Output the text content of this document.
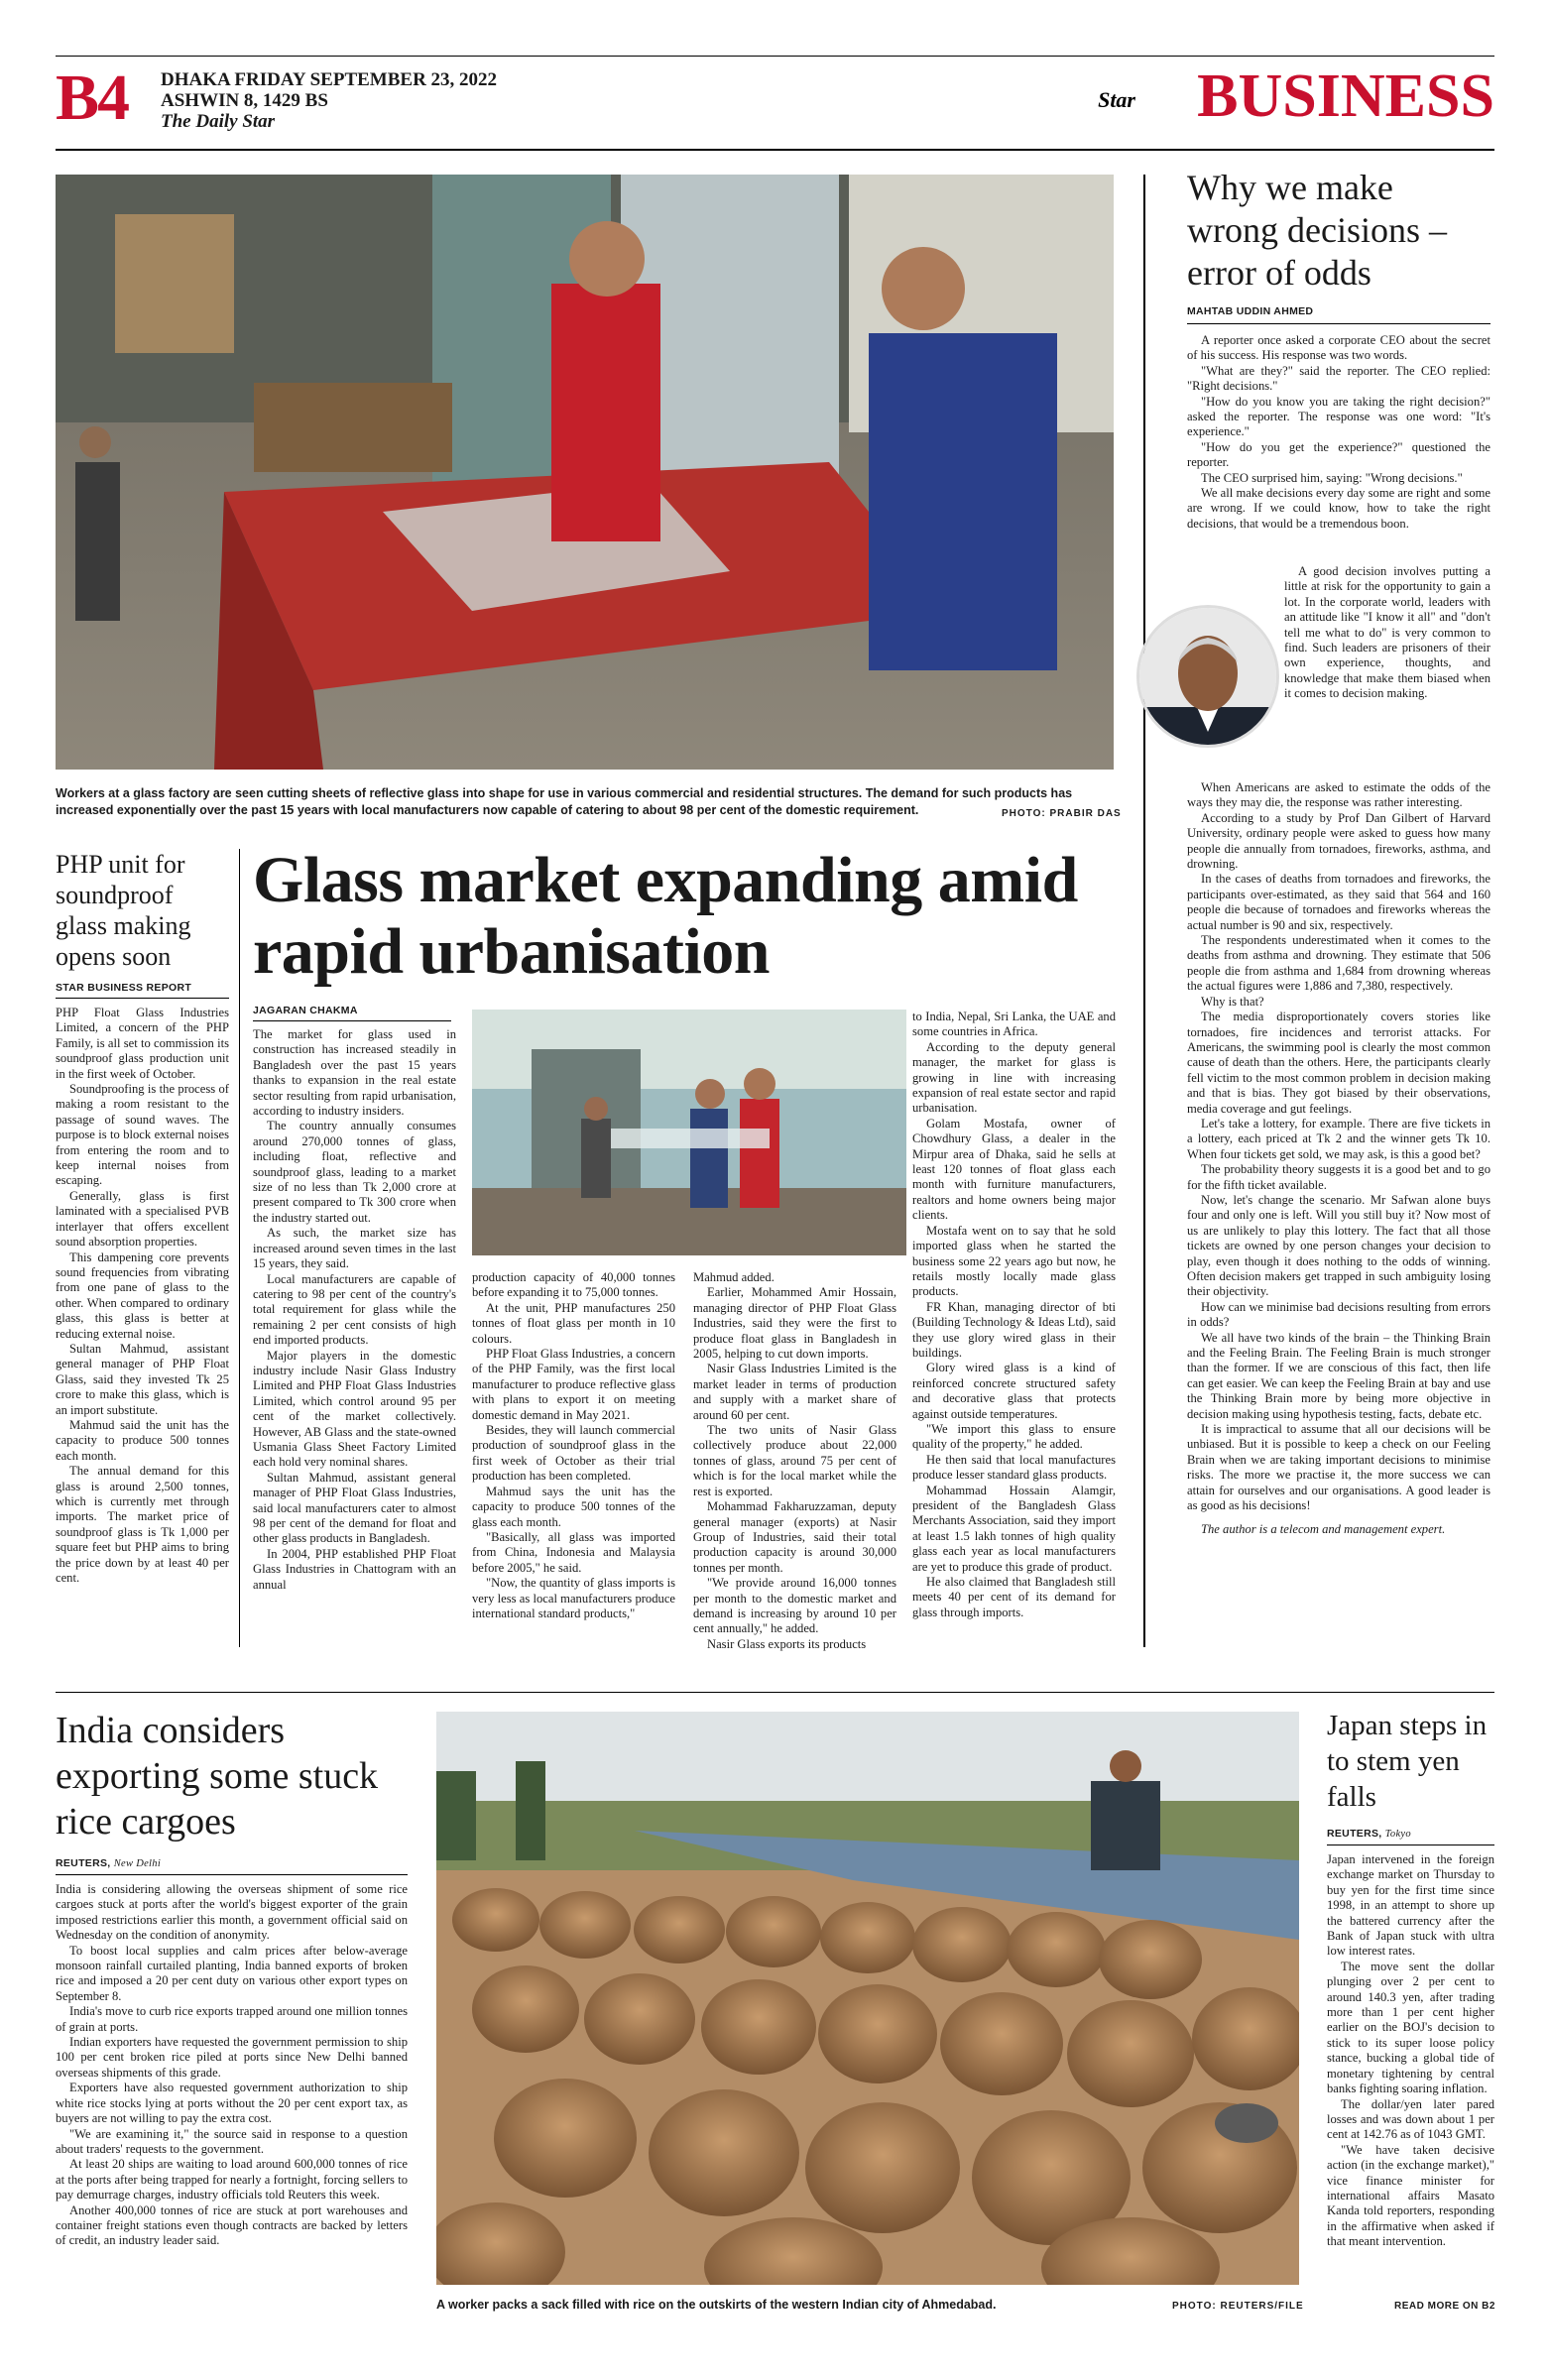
B4 DHAKA FRIDAY SEPTEMBER 23, 2022
ASHWIN 8, 1429 BS
The Daily Star
Star BUSINESS
Workers at a glass factory are seen cutting sheets of reflective glass into shape for use in various commercial and residential structures. The demand for such products has increased exponentially over the past 15 years with local manufacturers now capable of catering to about 98 per cent of the domestic requirement.	PHOTO: PRABIR DAS
Why we make wrong decisions – error of odds
MAHTAB UDDIN AHMED

A reporter once asked a corporate CEO about the secret of his success. His response was two words.

"What are they?" said the reporter. The CEO replied: "Right decisions."

"How do you know you are taking the right decision?" asked the reporter. The response was one word: "It's experience."

"How do you get the experience?" questioned the reporter.

The CEO surprised him, saying: "Wrong decisions."

We all make decisions every day some are right and some are wrong. If we could know, how to take the right decisions, that would be a tremendous boon.

A good decision involves putting a little at risk for the opportunity to gain a lot. In the corporate world, leaders with an attitude like "I know it all" and "don't tell me what to do" is very common to find. Such leaders are prisoners of their own experience, thoughts, and knowledge that make them biased when it comes to decision making.

When Americans are asked to estimate the odds of the ways they may die, the response was rather interesting.

According to a study by Prof Dan Gilbert of Harvard University, ordinary people were asked to guess how many people die annually from tornadoes, fireworks, asthma, and drowning.

In the cases of deaths from tornadoes and fireworks, the participants over-estimated, as they said that 564 and 160 people die because of tornadoes and fireworks whereas the actual number is 90 and six, respectively.

The respondents underestimated when it comes to the deaths from asthma and drowning. They estimate that 506 people die from asthma and 1,684 from drowning whereas the actual figures were 1,886 and 7,380, respectively.

Why is that?

The media disproportionately covers stories like tornadoes, fire incidences and terrorist attacks. For Americans, the swimming pool is clearly the most common cause of death than the others. Here, the participants clearly fell victim to the most common problem in decision making and that is bias. They got biased by their observations, media coverage and gut feelings.

Let's take a lottery, for example. There are five tickets in a lottery, each priced at Tk 2 and the winner gets Tk 10. When four tickets get sold, we may ask, is this a good bet?

The probability theory suggests it is a good bet and to go for the fifth ticket available.

Now, let's change the scenario. Mr Safwan alone buys four and only one is left. Will you still buy it? Now most of us are unlikely to play this lottery. The fact that all those tickets are owned by one person changes your decision to play, even though it does nothing to the odds of winning. Often decision makers get trapped in such ambiguity losing their objectivity.

How can we minimise bad decisions resulting from errors in odds?

We all have two kinds of the brain – the Thinking Brain and the Feeling Brain. The Feeling Brain is much stronger than the former. If we are conscious of this fact, then life can get easier. We can keep the Feeling Brain at bay and use the Thinking Brain more by being more objective in decision making using hypothesis testing, facts, debate etc.

It is impractical to assume that all our decisions will be unbiased. But it is possible to keep a check on our Feeling Brain when we are taking important decisions to minimise risks. The more we practise it, the more success we can attain for ourselves and our organisations. A good leader is as good as his decisions!

The author is a telecom and management expert.

PHP unit for soundproof glass making opens soon
STAR BUSINESS REPORT

PHP Float Glass Industries Limited, a concern of the PHP Family, is all set to commission its soundproof glass production unit in the first week of October.

Soundproofing is the process of making a room resistant to the passage of sound waves. The purpose is to block external noises from entering the room and to keep internal noises from escaping.

Generally, glass is first laminated with a specialised PVB interlayer that offers excellent sound absorption properties.

This dampening core prevents sound frequencies from vibrating from one pane of glass to the other. When compared to ordinary glass, this glass is better at reducing external noise.

Sultan Mahmud, assistant general manager of PHP Float Glass, said they invested Tk 25 crore to make this glass, which is an import substitute.

Mahmud said the unit has the capacity to produce 500 tonnes each month.

The annual demand for this glass is around 2,500 tonnes, which is currently met through imports. The market price of soundproof glass is Tk 1,000 per square feet but PHP aims to bring the price down by at least 40 per cent.

Glass market expanding amid rapid urbanisation
JAGARAN CHAKMA

The market for glass used in construction has increased steadily in Bangladesh over the past 15 years thanks to expansion in the real estate sector resulting from rapid urbanisation, according to industry insiders.

The country annually consumes around 270,000 tonnes of glass, including float, reflective and soundproof glass, leading to a market size of no less than Tk 2,000 crore at present compared to Tk 300 crore when the industry started out.

As such, the market size has increased around seven times in the last 15 years, they said.

Local manufacturers are capable of catering to 98 per cent of the country's total requirement for glass while the remaining 2 per cent consists of high end imported products.

Major players in the domestic industry include Nasir Glass Industry Limited and PHP Float Glass Industries Limited, which control around 95 per cent of the market collectively. However, AB Glass and the state-owned Usmania Glass Sheet Factory Limited each hold very nominal shares.

Sultan Mahmud, assistant general manager of PHP Float Glass Industries, said local manufacturers cater to almost 98 per cent of the demand for float and other glass products in Bangladesh.

In 2004, PHP established PHP Float Glass Industries in Chattogram with an annual

production capacity of 40,000 tonnes before expanding it to 75,000 tonnes.

At the unit, PHP manufactures 250 tonnes of float glass per month in 10 colours.

PHP Float Glass Industries, a concern of the PHP Family, was the first local manufacturer to produce reflective glass with plans to export it on meeting domestic demand in May 2021.

Besides, they will launch commercial production of soundproof glass in the first week of October as their trial production has been completed.

Mahmud says the unit has the capacity to produce 500 tonnes of the glass each month.

"Basically, all glass was imported from China, Indonesia and Malaysia before 2005," he said.

"Now, the quantity of glass imports is very less as local manufacturers produce international standard products,"

Mahmud added.

Earlier, Mohammed Amir Hossain, managing director of PHP Float Glass Industries, said they were the first to produce float glass in Bangladesh in 2005, helping to cut down imports.

Nasir Glass Industries Limited is the market leader in terms of production and supply with a market share of around 60 per cent.

The two units of Nasir Glass collectively produce about 22,000 tonnes of glass, around 75 per cent of which is for the local market while the rest is exported.

Mohammad Fakharuzzaman, deputy general manager (exports) at Nasir Group of Industries, said their total production capacity is around 30,000 tonnes per month.

"We provide around 16,000 tonnes per month to the domestic market and demand is increasing by around 10 per cent annually," he added.

Nasir Glass exports its products

to India, Nepal, Sri Lanka, the UAE and some countries in Africa.

According to the deputy general manager, the market for glass is growing in line with increasing expansion of real estate sector and rapid urbanisation.

Golam Mostafa, owner of Chowdhury Glass, a dealer in the Mirpur area of Dhaka, said he sells at least 120 tonnes of float glass each month with furniture manufacturers, realtors and home owners being major clients.

Mostafa went on to say that he sold imported glass when he started the business some 22 years ago but now, he retails mostly locally made glass products.

FR Khan, managing director of bti (Building Technology & Ideas Ltd), said they use glory wired glass in their buildings.

Glory wired glass is a kind of reinforced concrete structured safety and decorative glass that protects against outside temperatures.

"We import this glass to ensure quality of the property," he added.

He then said that local manufactures produce lesser standard glass products.

Mohammad Hossain Alamgir, president of the Bangladesh Glass Merchants Association, said they import at least 1.5 lakh tonnes of high quality glass each year as local manufacturers are yet to produce this grade of product.

He also claimed that Bangladesh still meets 40 per cent of its demand for glass through imports.

India considers exporting some stuck rice cargoes
REUTERS, New Delhi

India is considering allowing the overseas shipment of some rice cargoes stuck at ports after the world's biggest exporter of the grain imposed restrictions earlier this month, a government official said on Wednesday on the condition of anonymity.

To boost local supplies and calm prices after below-average monsoon rainfall curtailed planting, India banned exports of broken rice and imposed a 20 per cent duty on various other export types on September 8.

India's move to curb rice exports trapped around one million tonnes of grain at ports.

Indian exporters have requested the government permission to ship 100 per cent broken rice piled at ports since New Delhi banned overseas shipments of this grade.

Exporters have also requested government authorization to ship white rice stocks lying at ports without the 20 per cent export tax, as buyers are not willing to pay the extra cost.

"We are examining it," the source said in response to a question about traders' requests to the government.

At least 20 ships are waiting to load around 600,000 tonnes of rice at the ports after being trapped for nearly a fortnight, forcing sellers to pay demurrage charges, industry officials told Reuters this week.

Another 400,000 tonnes of rice are stuck at port warehouses and container freight stations even though contracts are backed by letters of credit, an industry leader said.

A worker packs a sack filled with rice on the outskirts of the western Indian city of Ahmedabad.	PHOTO: REUTERS/FILE
Japan steps in to stem yen falls
REUTERS, Tokyo

Japan intervened in the foreign exchange market on Thursday to buy yen for the first time since 1998, in an attempt to shore up the battered currency after the Bank of Japan stuck with ultra low interest rates.

The move sent the dollar plunging over 2 per cent to around 140.3 yen, after trading more than 1 per cent higher earlier on the BOJ's decision to stick to its super loose policy stance, bucking a global tide of monetary tightening by central banks fighting soaring inflation.

The dollar/yen later pared losses and was down about 1 per cent at 142.76 as of 1043 GMT.

"We have taken decisive action (in the exchange market)," vice finance minister for international affairs Masato Kanda told reporters, responding in the affirmative when asked if that meant intervention.

READ MORE ON B2
